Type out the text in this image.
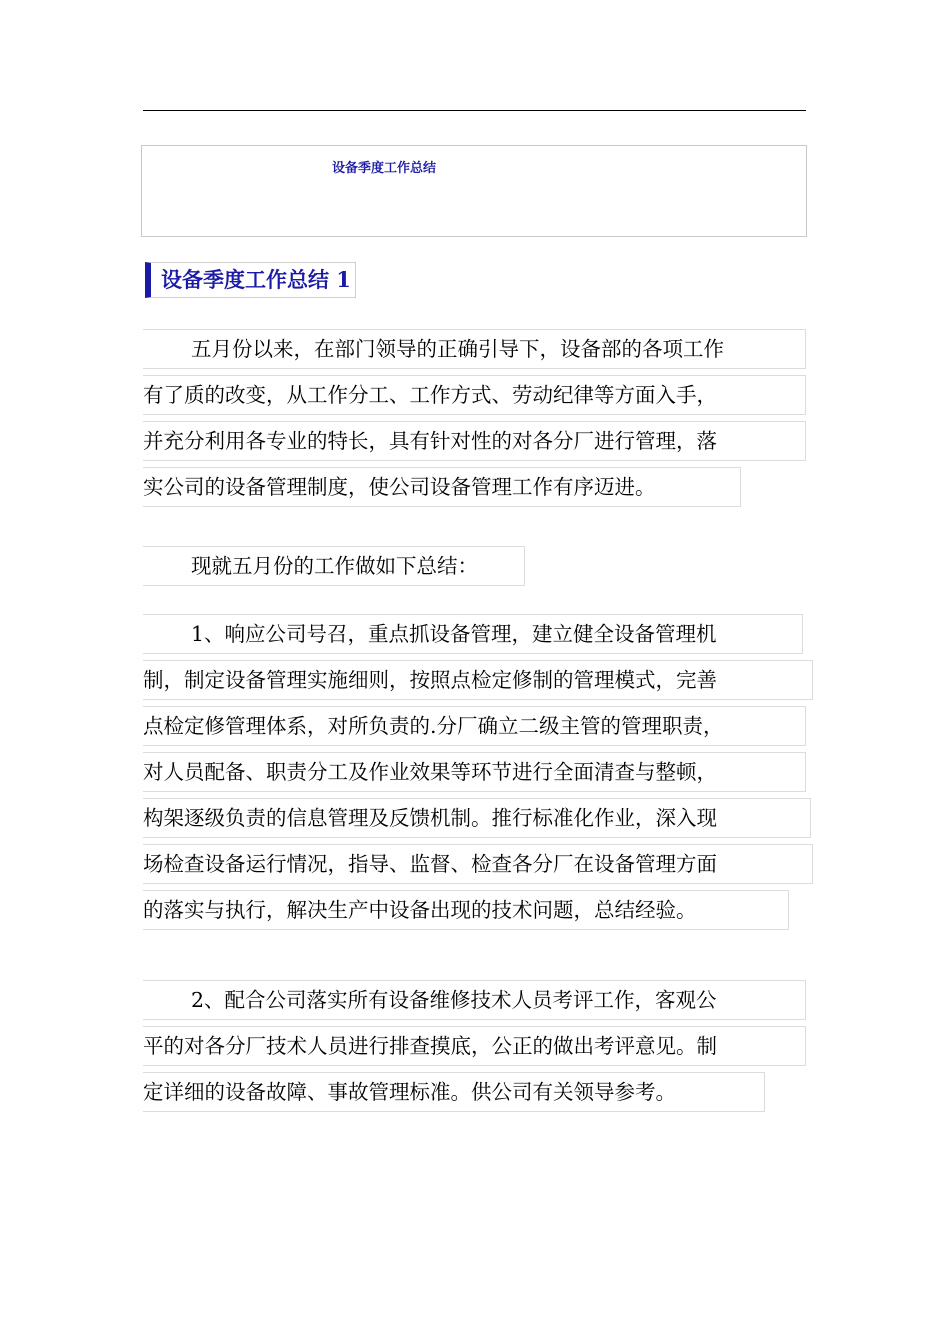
设备季度工作总结
设备季度工作总结 1
五月份以来，在部门领导的正确引导下，设备部的各项工作
有了质的改变，从工作分工、工作方式、劳动纪律等方面入手，
并充分利用各专业的特长，具有针对性的对各分厂进行管理，落
实公司的设备管理制度，使公司设备管理工作有序迈进。
现就五月份的工作做如下总结：
1、响应公司号召，重点抓设备管理，建立健全设备管理机
制，制定设备管理实施细则，按照点检定修制的管理模式，完善
点检定修管理体系，对所负责的.分厂确立二级主管的管理职责，
对人员配备、职责分工及作业效果等环节进行全面清查与整顿，
构架逐级负责的信息管理及反馈机制。推行标准化作业，深入现
场检查设备运行情况，指导、监督、检查各分厂在设备管理方面
的落实与执行，解决生产中设备出现的技术问题，总结经验。
2、配合公司落实所有设备维修技术人员考评工作，客观公
平的对各分厂技术人员进行排查摸底，公正的做出考评意见。制
定详细的设备故障、事故管理标准。供公司有关领导参考。
